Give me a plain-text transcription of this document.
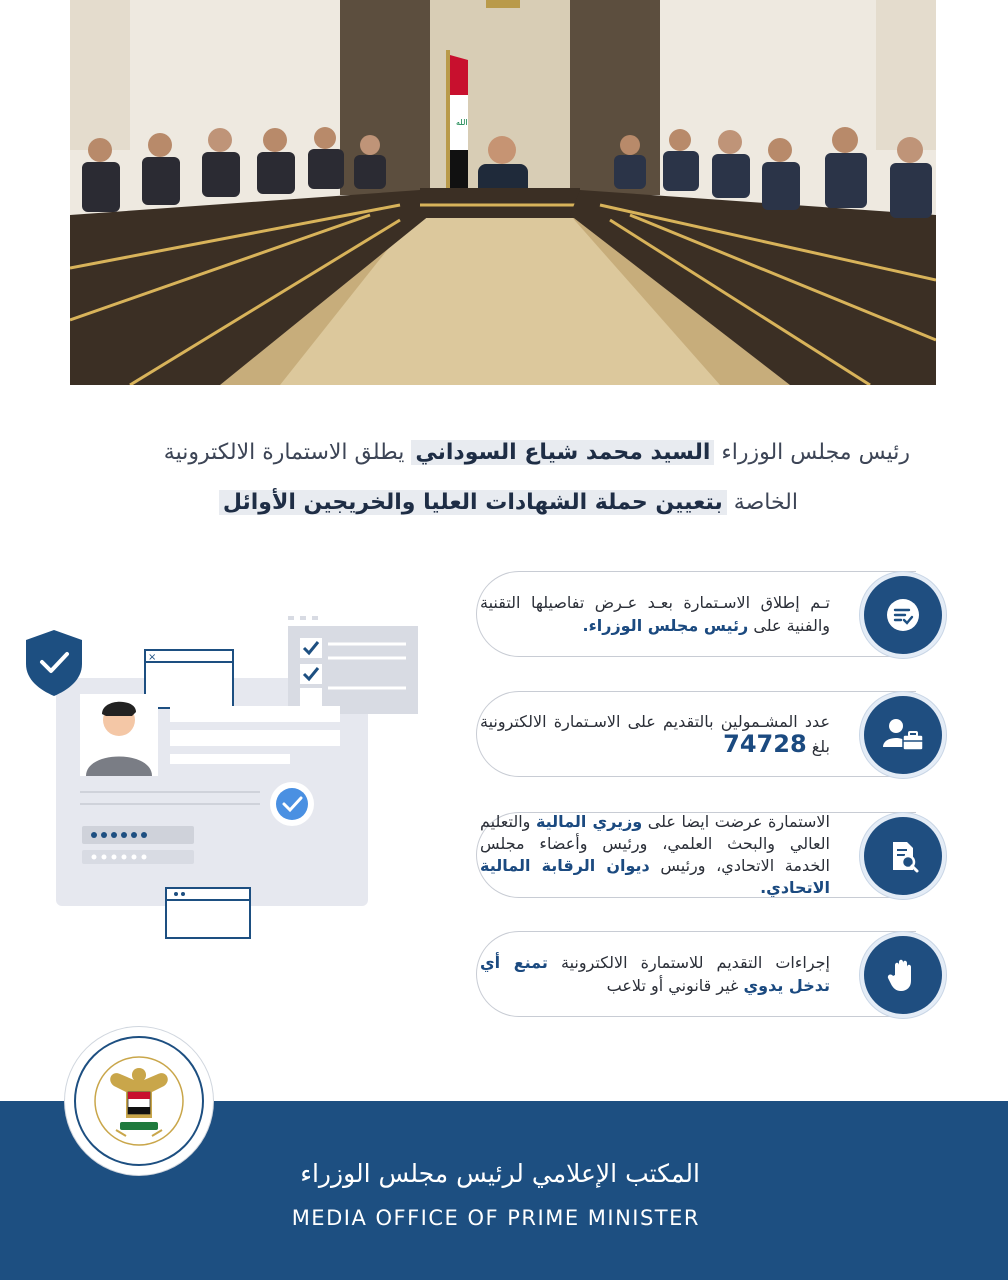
الله
رئيس مجلس الوزراء السيد محمد شياع السوداني يطلق الاستمارة الالكترونية
الخاصة بتعيين حملة الشهادات العليا والخريجين الأوائل
×
تـم إطلاق الاسـتمارة بعـد عـرض تفاصيلها التقنية والفنية على رئيس مجلس الوزراء.
عدد المشـمولين بالتقديم على الاسـتمارة الالكترونية بلغ 74728
الاستمارة عرضت ايضا على وزيري المالية والتعليم العالي والبحث العلمي، ورئيس وأعضاء مجلس الخدمة الاتحادي، ورئيس ديوان الرقابة المالية الاتحادي.
إجراءات التقديم للاستمارة الالكترونية تمنع أي تدخل يدوي غير قانوني أو تلاعب
المكتب الإعلامي لرئيس مجلس الوزراء
MEDIA OFFICE OF PRIME MINISTER
